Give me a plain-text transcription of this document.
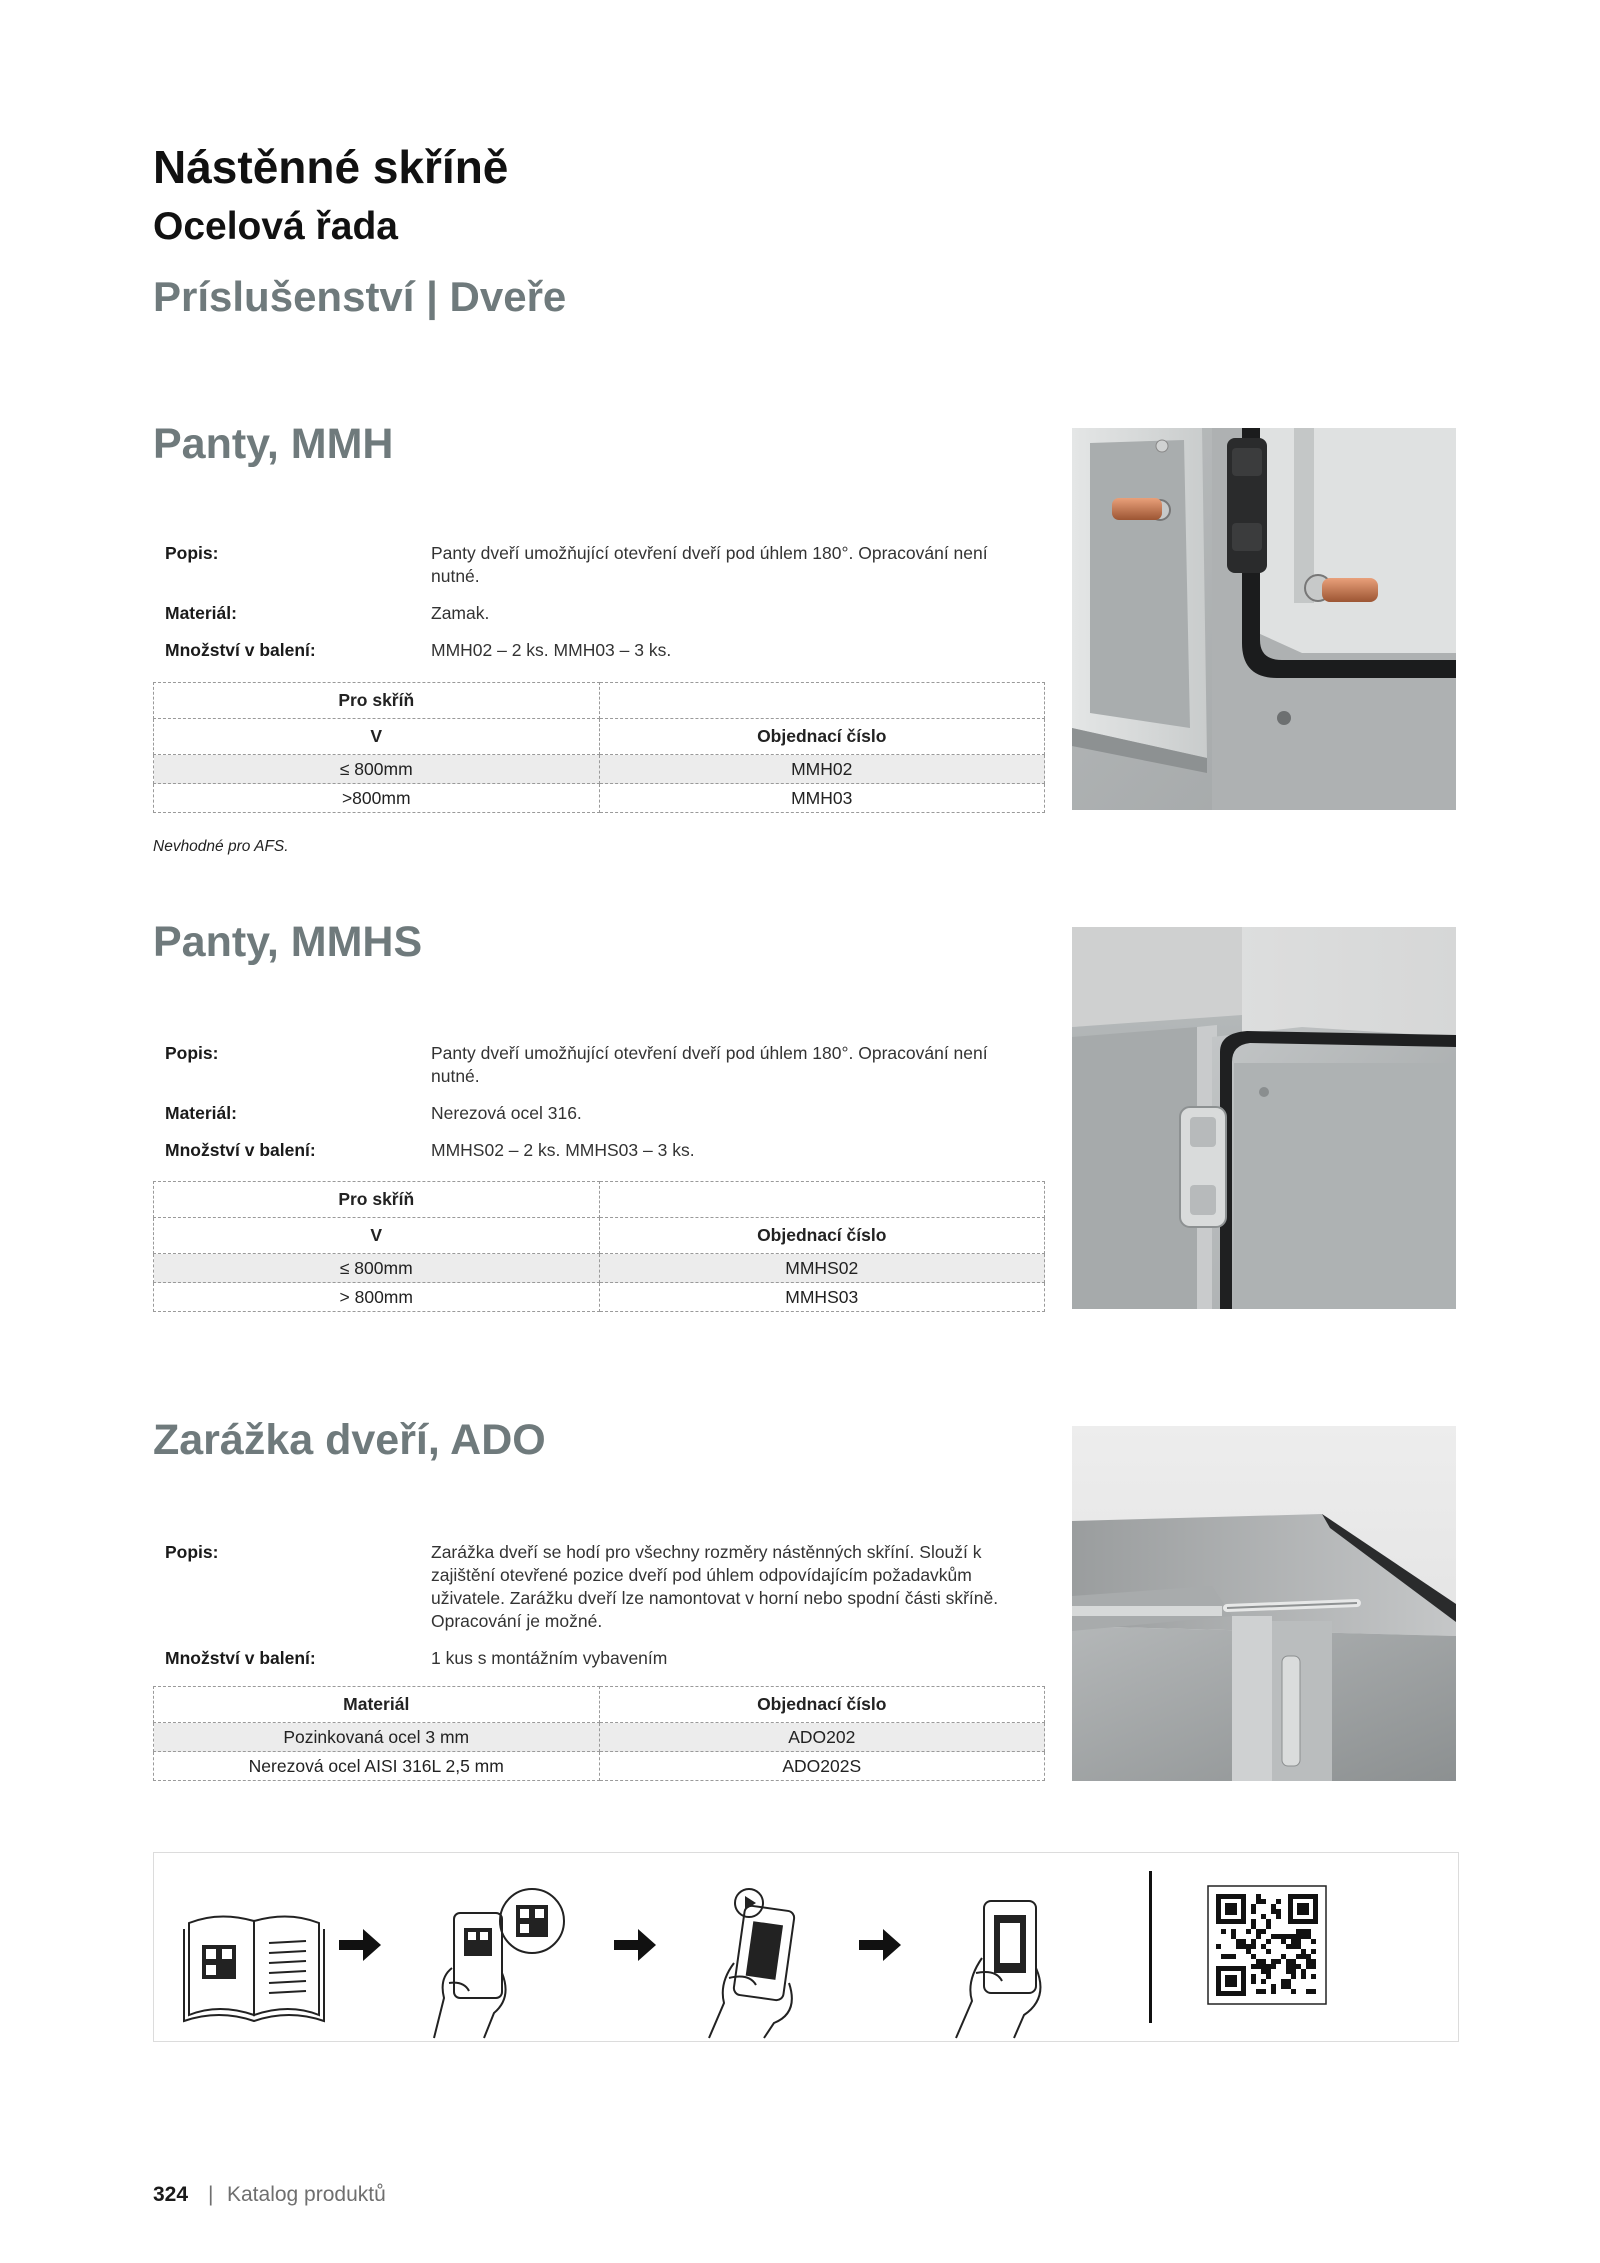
Nástěnné skříně
Ocelová řada
Príslušenství | Dveře
Panty, MMH
Popis:	Panty dveří umožňující otevření dveří pod úhlem 180°. Opracování není nutné.
Materiál:	Zamak.
Množství v balení:	MMH02 – 2 ks. MMH03 – 3 ks.
Pro skříň	
V	Objednací číslo
≤ 800mm	MMH02
>800mm	MMH03
Nevhodné pro AFS.
Panty, MMHS
Popis:	Panty dveří umožňující otevření dveří pod úhlem 180°. Opracování není nutné.
Materiál:	Nerezová ocel 316.
Množství v balení:	MMHS02 – 2 ks. MMHS03 – 3 ks.
Pro skříň	
V	Objednací číslo
≤ 800mm	MMHS02
> 800mm	MMHS03
Zarážka dveří, ADO
Popis:	Zarážka dveří se hodí pro všechny rozměry nástěnných skříní. Slouží k zajištění otevřené pozice dveří pod úhlem odpovídajícím požadavkům uživatele. Zarážku dveří lze namontovat v horní nebo spodní části skříně. Opracování je možné.
Množství v balení:	1 kus s montážním vybavením
Materiál	Objednací číslo
Pozinkovaná ocel 3 mm	ADO202
Nerezová ocel AISI 316L 2,5 mm	ADO202S
324 | Katalog produktů
